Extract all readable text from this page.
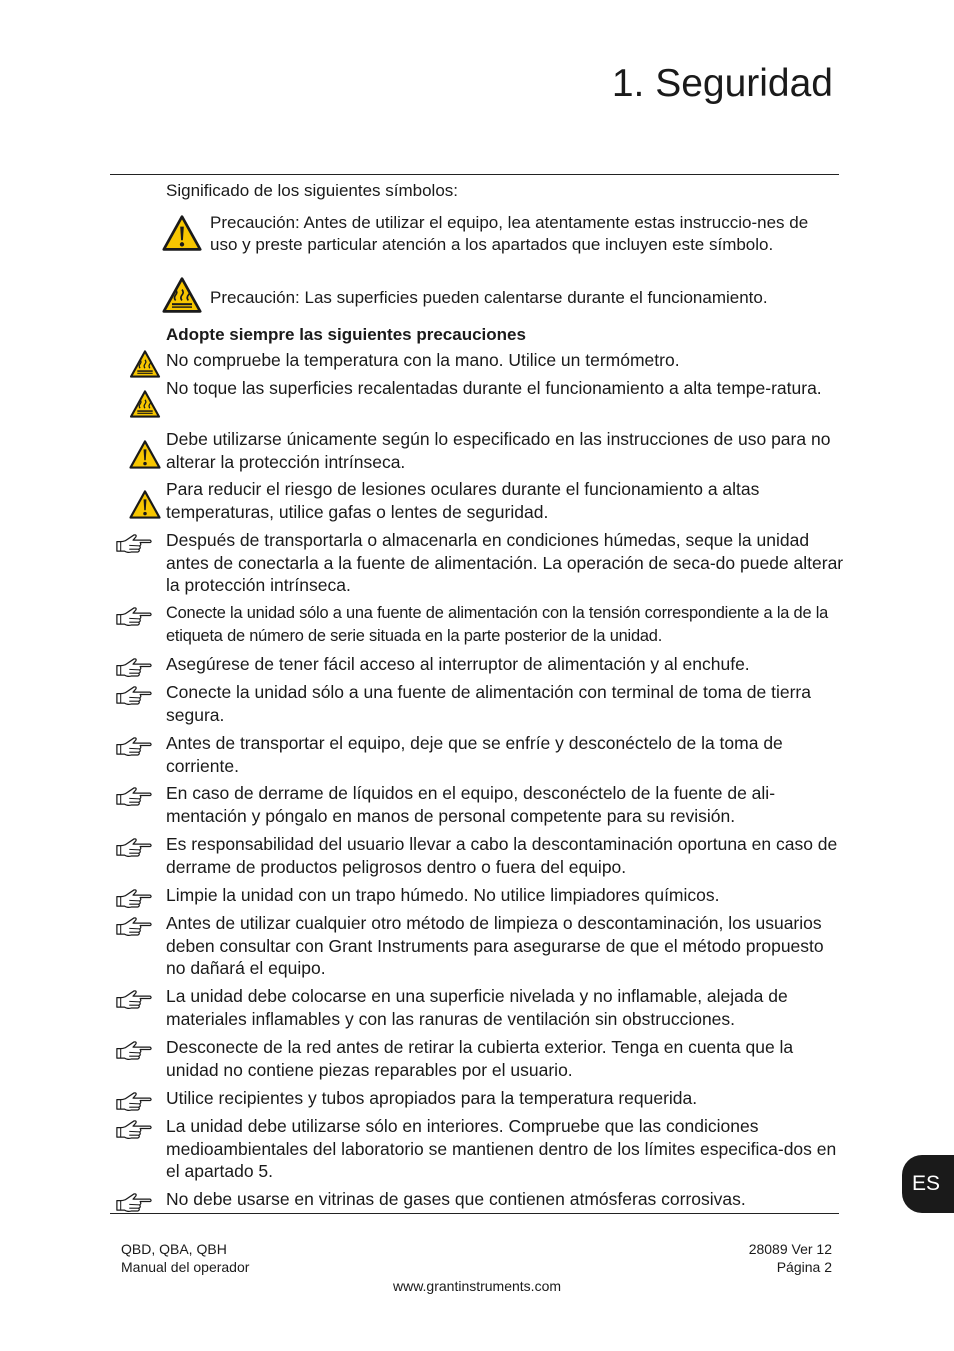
1. Seguridad
Significado de los siguientes símbolos:
Precaución: Antes de utilizar el equipo, lea atentamente estas instruccio-nes de uso y preste particular atención a los apartados que incluyen este símbolo.
Precaución: Las superficies pueden calentarse durante el funcionamiento.
Adopte siempre las siguientes precauciones
No compruebe la temperatura con la mano. Utilice un termómetro.
No toque las superficies recalentadas durante el funcionamiento a alta tempe-ratura.
Debe utilizarse únicamente según lo especificado en las instrucciones de uso para no alterar la protección intrínseca.
Para reducir el riesgo de lesiones oculares durante el funcionamiento a altas temperaturas, utilice gafas o lentes de seguridad.
Después de transportarla o almacenarla en condiciones húmedas, seque la unidad antes de conectarla a la fuente de alimentación. La operación de seca-do puede alterar la protección intrínseca.
Conecte la unidad sólo a una fuente de alimentación con la tensión correspondiente a la de la etiqueta de número de serie situada en la parte posterior de la unidad.
Asegúrese de tener fácil acceso al interruptor de alimentación y al enchufe.
Conecte la unidad sólo a una fuente de alimentación con terminal de toma de tierra segura.
Antes de transportar el equipo, deje que se enfríe y desconéctelo de la toma de corriente.
En caso de derrame de líquidos en el equipo, desconéctelo de la fuente de ali-mentación y póngalo en manos de personal competente para su revisión.
Es responsabilidad del usuario llevar a cabo la descontaminación oportuna en caso de derrame de productos peligrosos dentro o fuera del equipo.
Limpie la unidad con un trapo húmedo. No utilice limpiadores químicos.
Antes de utilizar cualquier otro método de limpieza o descontaminación, los usuarios deben consultar con Grant Instruments para asegurarse de que el método propuesto no dañará el equipo.
La unidad debe colocarse en una superficie nivelada y no inflamable, alejada de materiales inflamables y con las ranuras de ventilación sin obstrucciones.
Desconecte de la red antes de retirar la cubierta exterior. Tenga en cuenta que la unidad no contiene piezas reparables por el usuario.
Utilice recipientes y tubos apropiados para la temperatura requerida.
La unidad debe utilizarse sólo en interiores. Compruebe que las condiciones medioambientales del laboratorio se mantienen dentro de los límites especifica-dos en el apartado 5.
No debe usarse en vitrinas de gases que contienen atmósferas corrosivas.
ES
QBD, QBA, QBH
Manual del operador
28089 Ver 12
Página 2
www.grantinstruments.com
